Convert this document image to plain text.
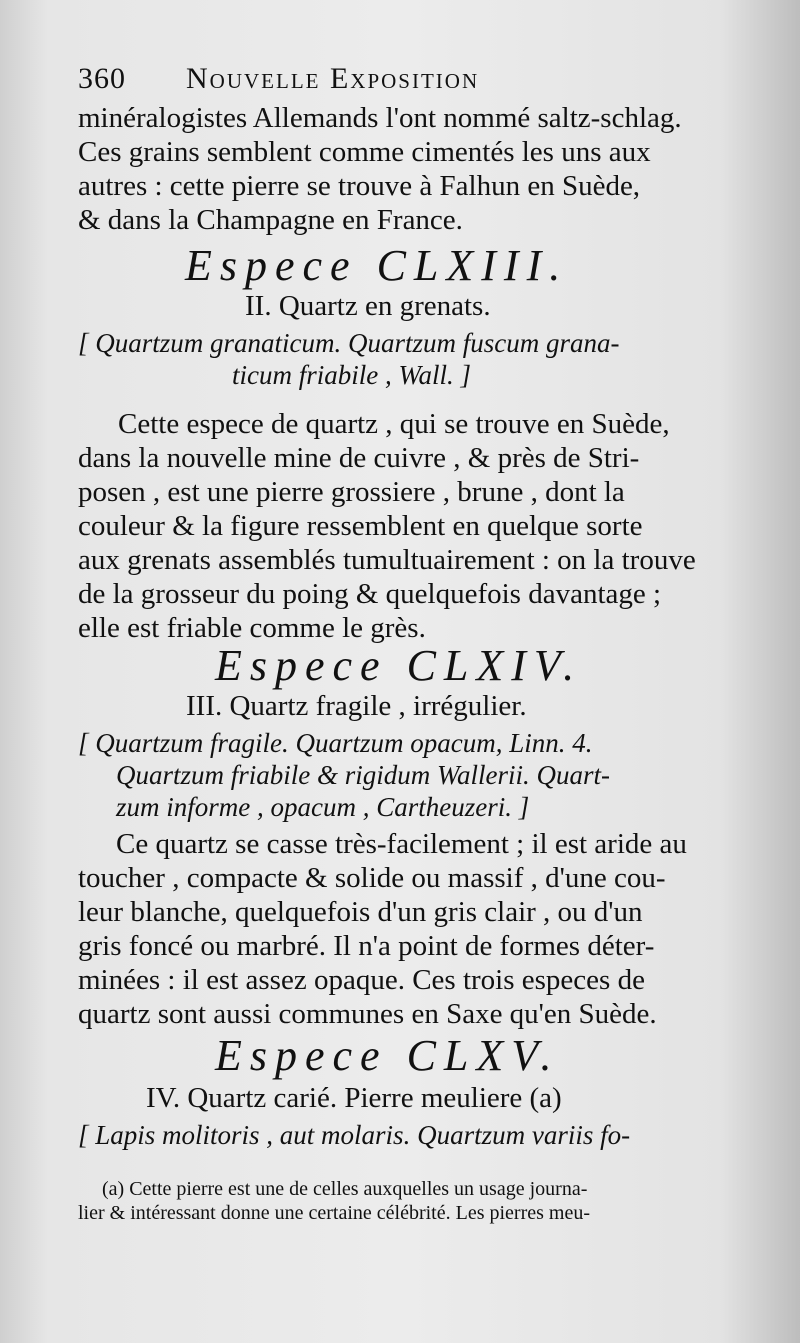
360 Nouvelle Exposition
minéralogistes Allemands l'ont nommé saltz-schlag.
Ces grains semblent comme cimentés les uns aux
autres : cette pierre se trouve à Falhun en Suède,
& dans la Champagne en France.
Espece CLXIII.
II. Quartz en grenats.
[ Quartzum granaticum. Quartzum fuscum grana-
ticum friabile , Wall. ]
Cette espece de quartz , qui se trouve en Suède,
dans la nouvelle mine de cuivre , & près de Stri-
posen , est une pierre grossiere , brune , dont la
couleur & la figure ressemblent en quelque sorte
aux grenats assemblés tumultuairement : on la trouve
de la grosseur du poing & quelquefois davantage ;
elle est friable comme le grès.
Espece CLXIV.
III. Quartz fragile , irrégulier.
[ Quartzum fragile. Quartzum opacum, Linn. 4.
Quartzum friabile & rigidum Wallerii. Quart-
zum informe , opacum , Cartheuzeri. ]
Ce quartz se casse très-facilement ; il est aride au
toucher , compacte & solide ou massif , d'une cou-
leur blanche, quelquefois d'un gris clair , ou d'un
gris foncé ou marbré. Il n'a point de formes déter-
minées : il est assez opaque. Ces trois especes de
quartz sont aussi communes en Saxe qu'en Suède.
Espece CLXV.
IV. Quartz carié. Pierre meuliere (a)
[ Lapis molitoris , aut molaris. Quartzum variis fo-
(a) Cette pierre est une de celles auxquelles un usage journa-
lier & intéressant donne une certaine célébrité. Les pierres meu-
